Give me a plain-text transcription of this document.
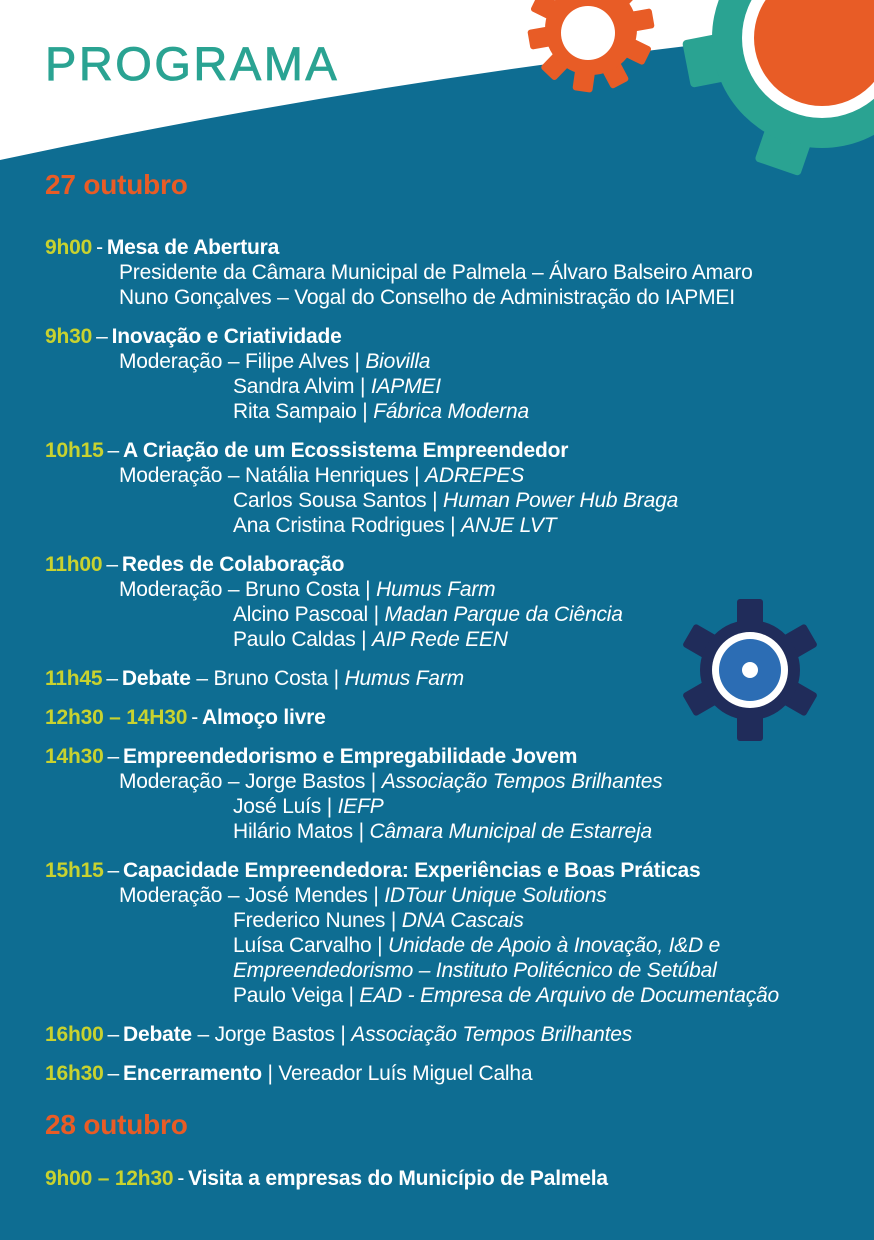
PROGRAMA
27 outubro
9h00 - Mesa de Abertura
Presidente da Câmara Municipal de Palmela – Álvaro Balseiro Amaro
Nuno Gonçalves – Vogal do Conselho de Administração do IAPMEI
9h30 – Inovação e Criatividade
Moderação – Filipe Alves | Biovilla
Sandra Alvim | IAPMEI
Rita Sampaio | Fábrica Moderna
10h15 – A Criação de um Ecossistema Empreendedor
Moderação – Natália Henriques | ADREPES
Carlos Sousa Santos | Human Power Hub Braga
Ana Cristina Rodrigues | ANJE LVT
11h00 – Redes de Colaboração
Moderação – Bruno Costa | Humus Farm
Alcino Pascoal | Madan Parque da Ciência
Paulo Caldas | AIP Rede EEN
11h45 – Debate – Bruno Costa | Humus Farm
12h30 – 14H30 - Almoço livre
14h30 – Empreendedorismo e Empregabilidade Jovem
Moderação – Jorge Bastos | Associação Tempos Brilhantes
José Luís | IEFP
Hilário Matos | Câmara Municipal de Estarreja
15h15 – Capacidade Empreendedora: Experiências e Boas Práticas
Moderação – José Mendes | IDTour Unique Solutions
Frederico Nunes | DNA Cascais
Luísa Carvalho | Unidade de Apoio à Inovação, I&D e
Empreendedorismo – Instituto Politécnico de Setúbal
Paulo Veiga | EAD - Empresa de Arquivo de Documentação
16h00 – Debate – Jorge Bastos | Associação Tempos Brilhantes
16h30 – Encerramento | Vereador Luís Miguel Calha
28 outubro
9h00 – 12h30 - Visita a empresas do Município de Palmela
